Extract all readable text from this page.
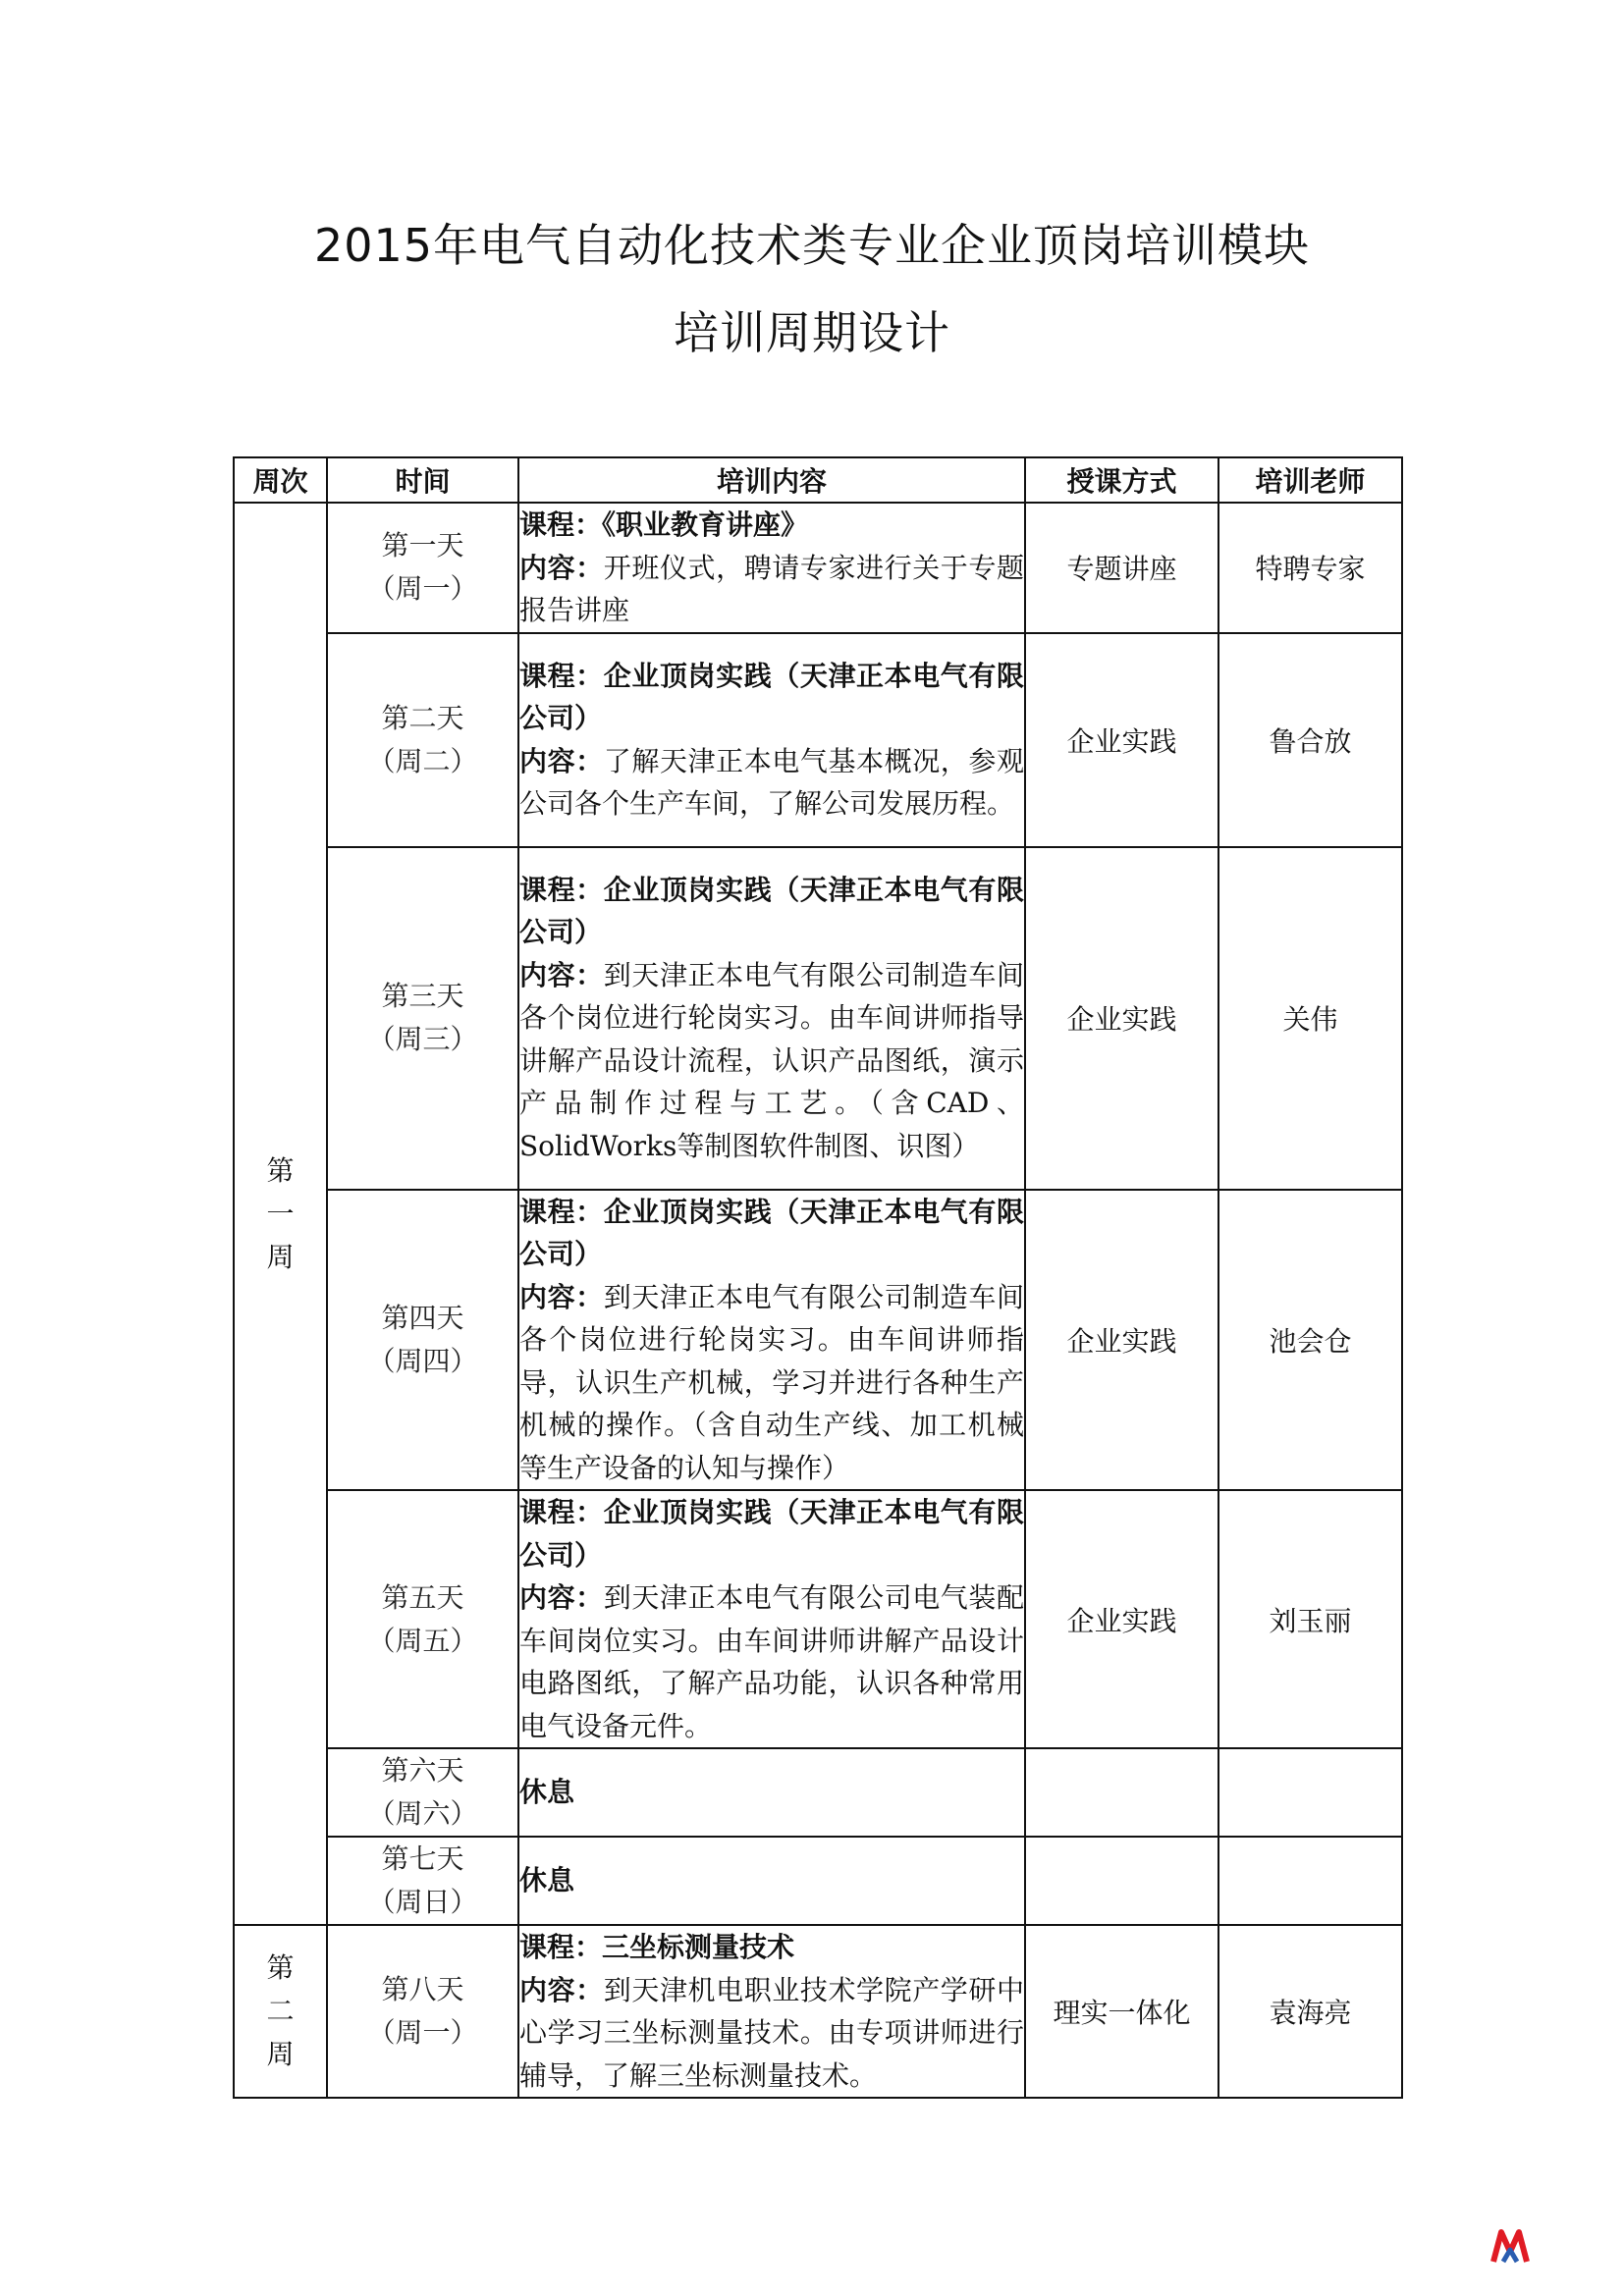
2015年电气自动化技术类专业企业顶岗培训模块
培训周期设计
周次	时间	培训内容	授课方式	培训老师

第
一
周	第一天
（周一）	课程：《职业教育讲座》
内容：开班仪式，聘请专家进行关于专题报告讲座	专题讲座	特聘专家

	第二天
（周二）	课程：企业顶岗实践（天津正本电气有限公司）
内容：了解天津正本电气基本概况，参观公司各个生产车间，了解公司发展历程。	企业实践	鲁合放

	第三天
（周三）	课程：企业顶岗实践（天津正本电气有限公司）
内容：到天津正本电气有限公司制造车间各个岗位进行轮岗实习。由车间讲师指导讲解产品设计流程，认识产品图纸，演示产品制作过程与工艺。（含CAD、SolidWorks等制图软件制图、识图）	企业实践	关伟

	第四天
（周四）	课程：企业顶岗实践（天津正本电气有限公司）
内容：到天津正本电气有限公司制造车间各个岗位进行轮岗实习。由车间讲师指导，认识生产机械，学习并进行各种生产机械的操作。（含自动生产线、加工机械等生产设备的认知与操作）	企业实践	池会仓

	第五天
（周五）	课程：企业顶岗实践（天津正本电气有限公司）
内容：到天津正本电气有限公司电气装配车间岗位实习。由车间讲师讲解产品设计电路图纸，了解产品功能，认识各种常用电气设备元件。	企业实践	刘玉丽

	第六天
（周六）	休息		

	第七天
（周日）	休息		

第
二
周	第八天
（周一）	课程：三坐标测量技术
内容：到天津机电职业技术学院产学研中心学习三坐标测量技术。由专项讲师进行辅导，了解三坐标测量技术。	理实一体化	袁海亮
